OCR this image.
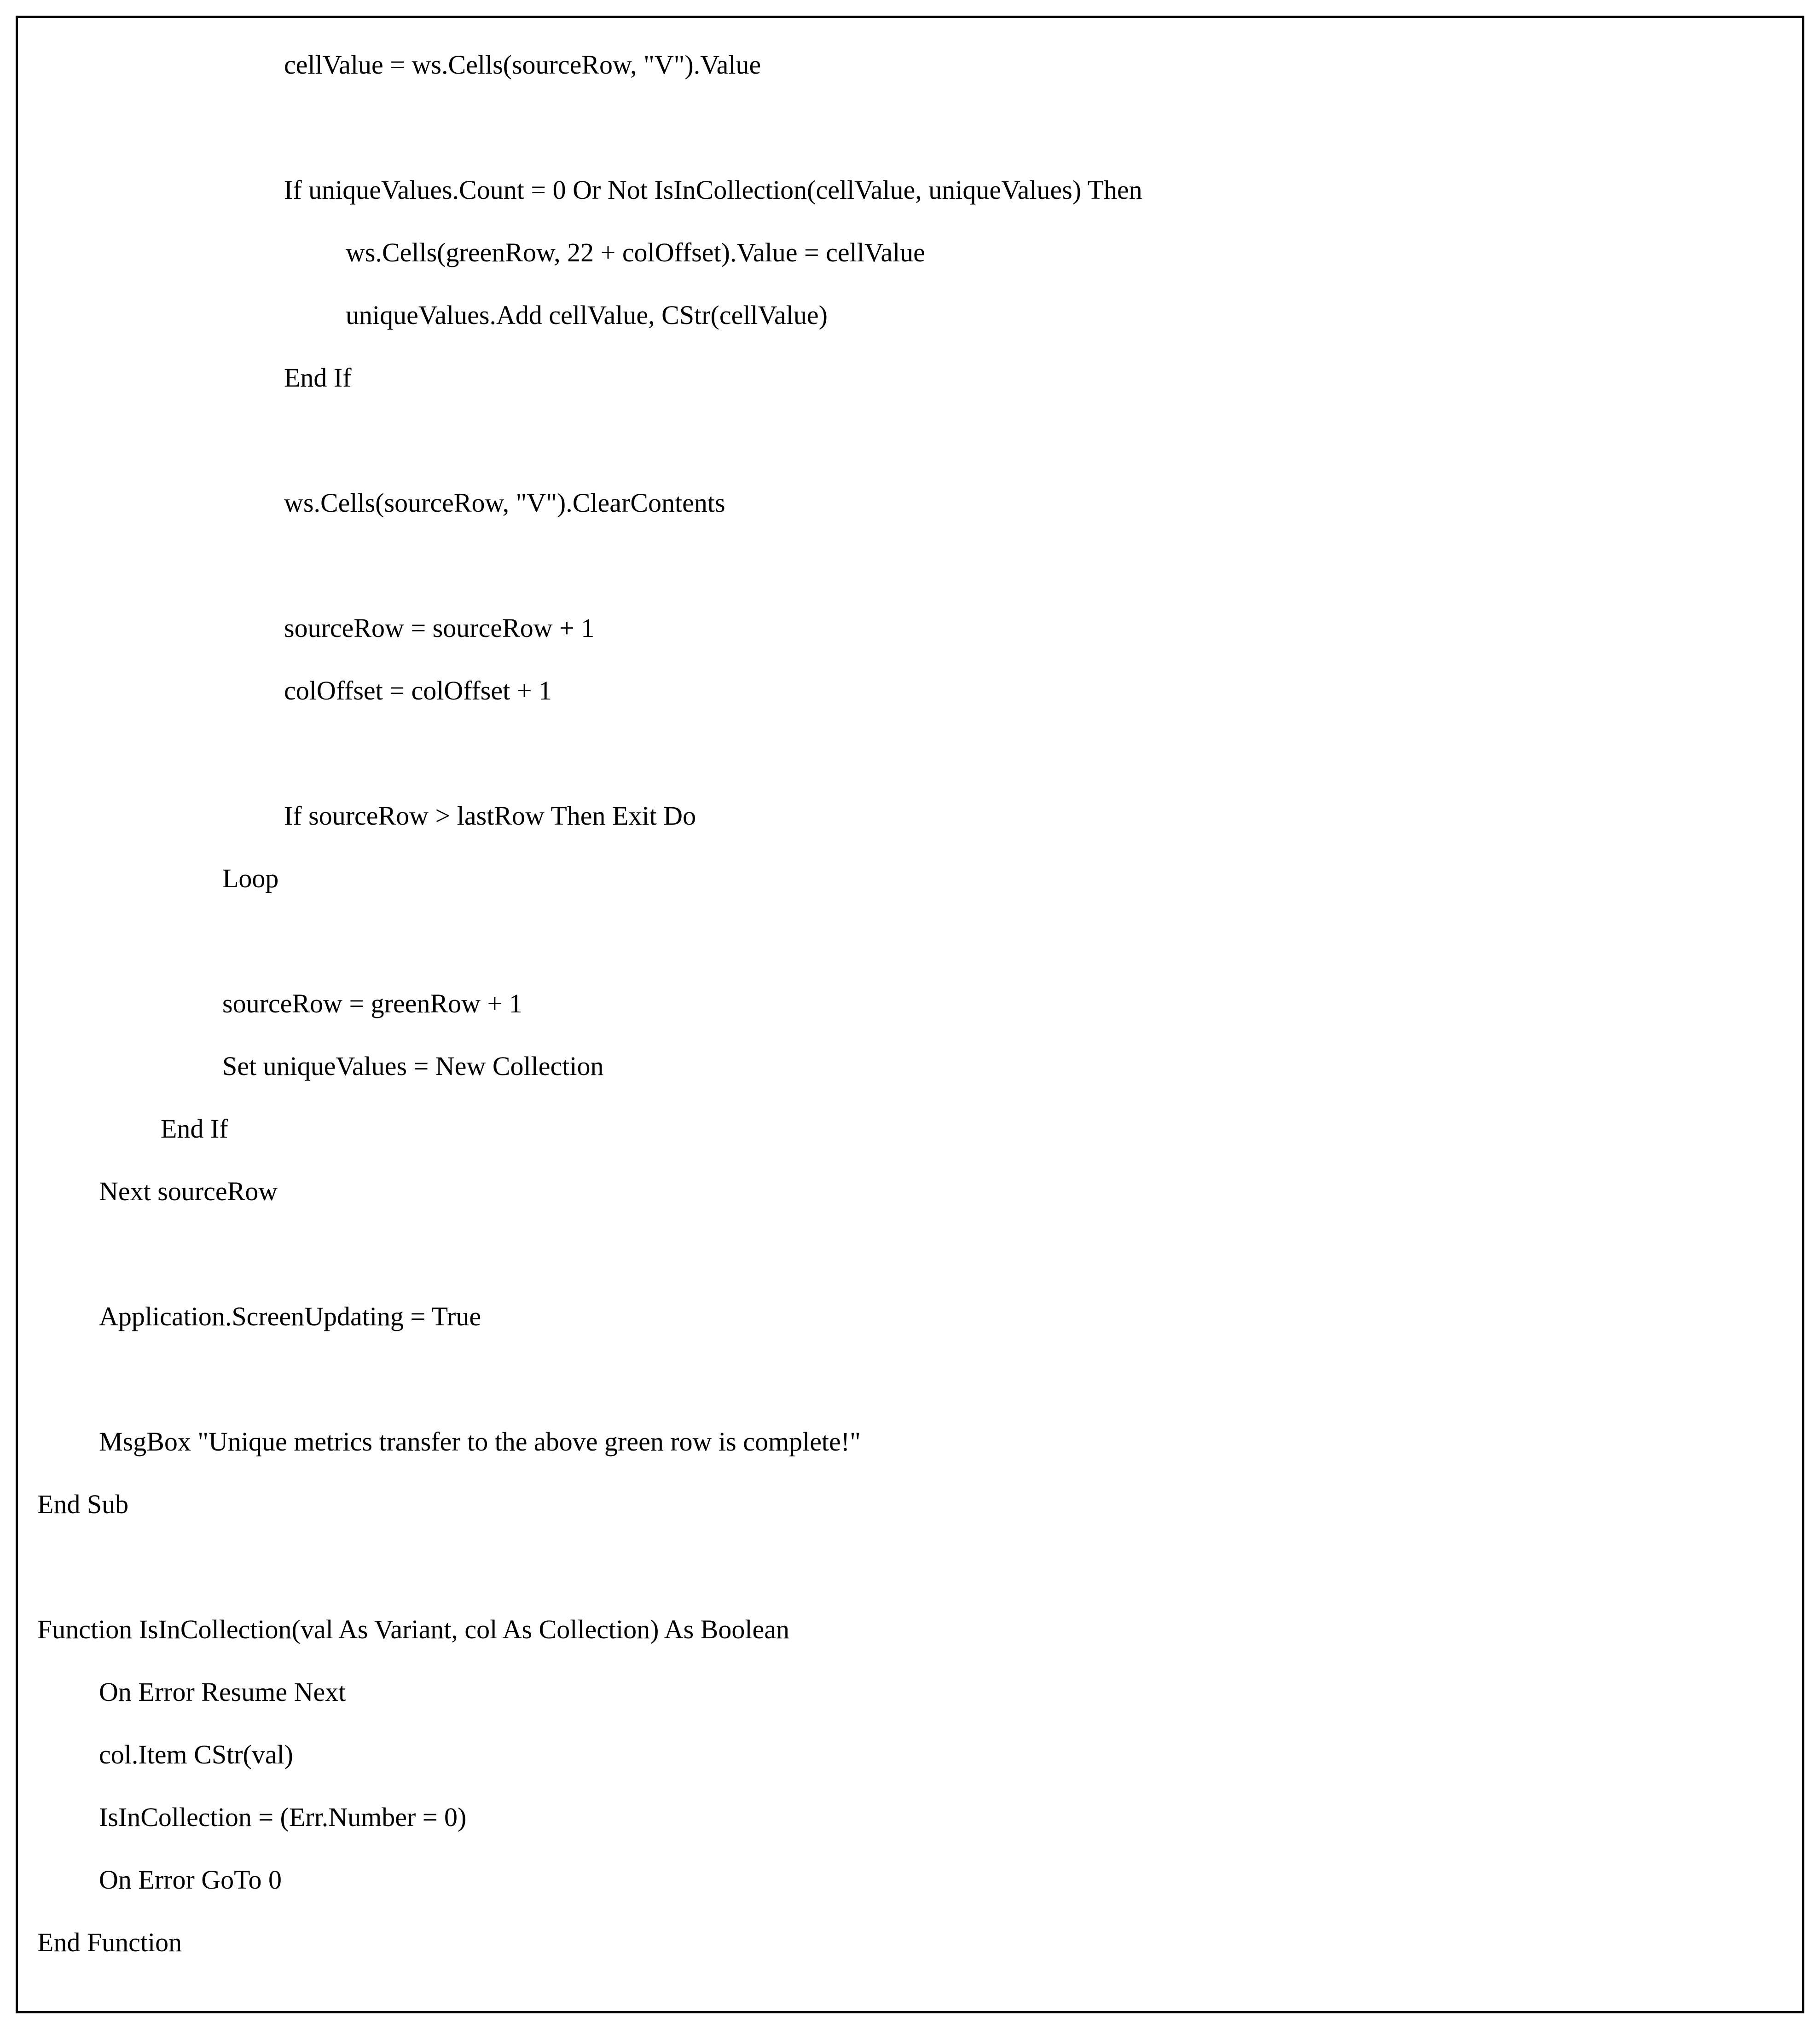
cellValue = ws.Cells(sourceRow, "V").Value
If uniqueValues.Count = 0 Or Not IsInCollection(cellValue, uniqueValues) Then
ws.Cells(greenRow, 22 + colOffset).Value = cellValue
uniqueValues.Add cellValue, CStr(cellValue)
End If
ws.Cells(sourceRow, "V").ClearContents
sourceRow = sourceRow + 1
colOffset = colOffset + 1
If sourceRow > lastRow Then Exit Do
Loop
sourceRow = greenRow + 1
Set uniqueValues = New Collection
End If
Next sourceRow
Application.ScreenUpdating = True
MsgBox "Unique metrics transfer to the above green row is complete!"
End Sub
Function IsInCollection(val As Variant, col As Collection) As Boolean
On Error Resume Next
col.Item CStr(val)
IsInCollection = (Err.Number = 0)
On Error GoTo 0
End Function
